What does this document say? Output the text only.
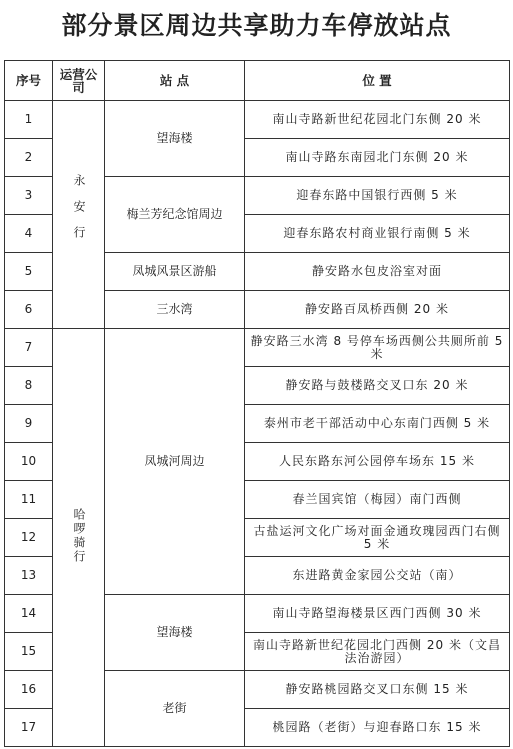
部分景区周边共享助力车停放站点
序号	运营公司	站 点	位 置
1	永安行	望海楼	南山寺路新世纪花园北门东侧 20 米
2			南山寺路东南园北门东侧 20 米
3		梅兰芳纪念馆周边	迎春东路中国银行西侧 5 米
4			迎春东路农村商业银行南侧 5 米
5		凤城风景区游船	静安路水包皮浴室对面
6		三水湾	静安路百凤桥西侧 20 米
7	哈啰骑行	凤城河周边	静安路三水湾 8 号停车场西侧公共厕所前 5 米
8			静安路与鼓楼路交叉口东 20 米
9			泰州市老干部活动中心东南门西侧 5 米
10			人民东路东河公园停车场东 15 米
11			春兰国宾馆（梅园）南门西侧
12			古盐运河文化广场对面金通玫瑰园西门右侧 5 米
13			东进路黄金家园公交站（南）
14		望海楼	南山寺路望海楼景区西门西侧 30 米
15			南山寺路新世纪花园北门西侧 20 米（文昌法治游园）
16		老街	静安路桃园路交叉口东侧 15 米
17			桃园路（老街）与迎春路口东 15 米
